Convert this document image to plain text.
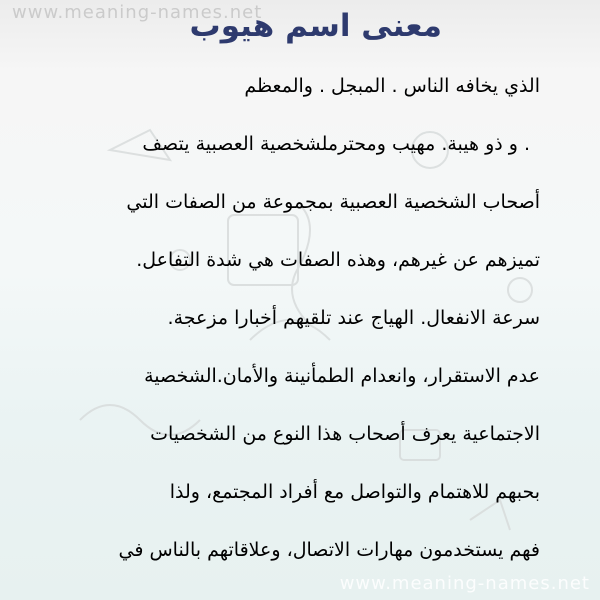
www.meaning-names.net
معنى اسم هيوب
الذي يخافه الناس . المبجل . والمعظم
. و ذو هيبة. مهيب ومحترملشخصية العصبية يتصف
أصحاب الشخصية العصبية بمجموعة من الصفات التي
تميزهم عن غيرهم، وهذه الصفات هي شدة التفاعل.
سرعة الانفعال. الهياج عند تلقيهم أخبارا مزعجة.
عدم الاستقرار، وانعدام الطمأنينة والأمان.الشخصية
الاجتماعية يعرف أصحاب هذا النوع من الشخصيات
بحبهم للاهتمام والتواصل مع أفراد المجتمع، ولذا
فهم يستخدمون مهارات الاتصال، وعلاقاتهم بالناس في
www.meaning-names.net
